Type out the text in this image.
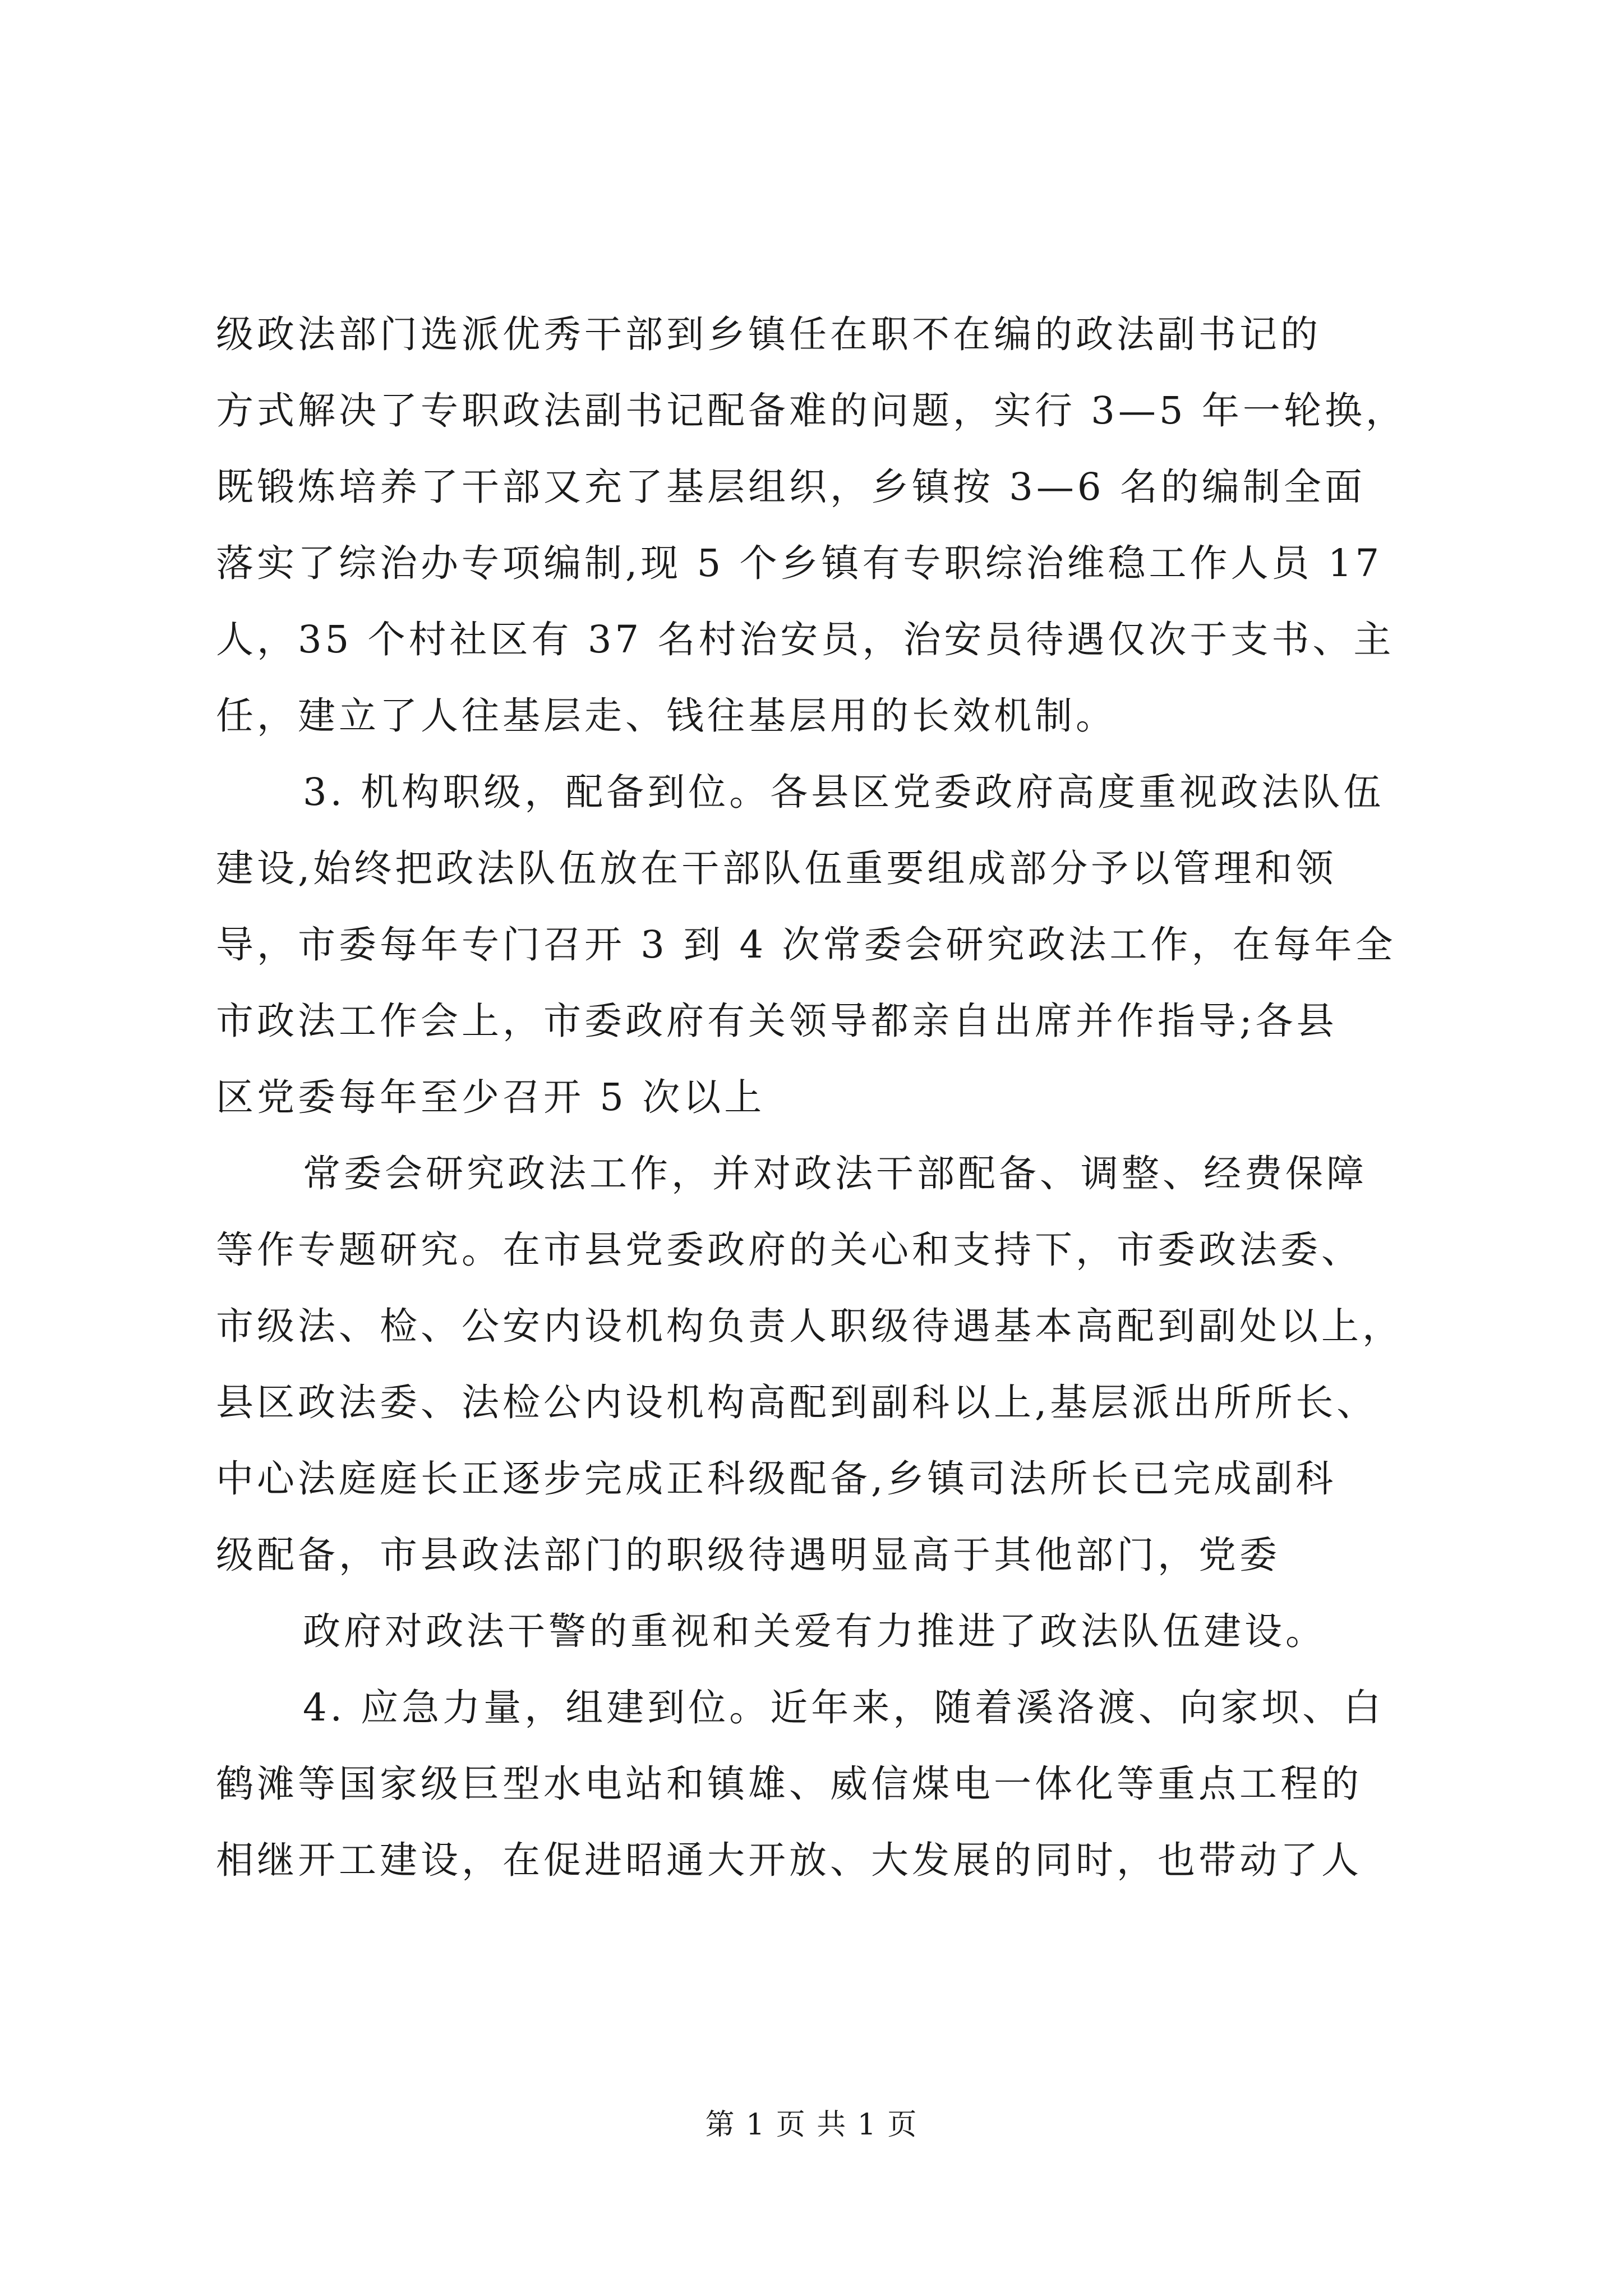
级政法部门选派优秀干部到乡镇任在职不在编的政法副书记的
方式解决了专职政法副书记配备难的问题，实行 3—5 年一轮换，
既锻炼培养了干部又充了基层组织，乡镇按 3—6 名的编制全面
落实了综治办专项编制,现 5 个乡镇有专职综治维稳工作人员 17
人，35 个村社区有 37 名村治安员，治安员待遇仅次于支书、主
任，建立了人往基层走、钱往基层用的长效机制。
3. 机构职级，配备到位。各县区党委政府高度重视政法队伍
建设,始终把政法队伍放在干部队伍重要组成部分予以管理和领
导，市委每年专门召开 3 到 4 次常委会研究政法工作，在每年全
市政法工作会上，市委政府有关领导都亲自出席并作指导;各县
区党委每年至少召开 5 次以上
常委会研究政法工作，并对政法干部配备、调整、经费保障
等作专题研究。在市县党委政府的关心和支持下，市委政法委、
市级法、检、公安内设机构负责人职级待遇基本高配到副处以上，
县区政法委、法检公内设机构高配到副科以上,基层派出所所长、
中心法庭庭长正逐步完成正科级配备,乡镇司法所长已完成副科
级配备，市县政法部门的职级待遇明显高于其他部门，党委
政府对政法干警的重视和关爱有力推进了政法队伍建设。
4. 应急力量，组建到位。近年来，随着溪洛渡、向家坝、白
鹤滩等国家级巨型水电站和镇雄、威信煤电一体化等重点工程的
相继开工建设，在促进昭通大开放、大发展的同时，也带动了人
第 1 页 共 1 页
